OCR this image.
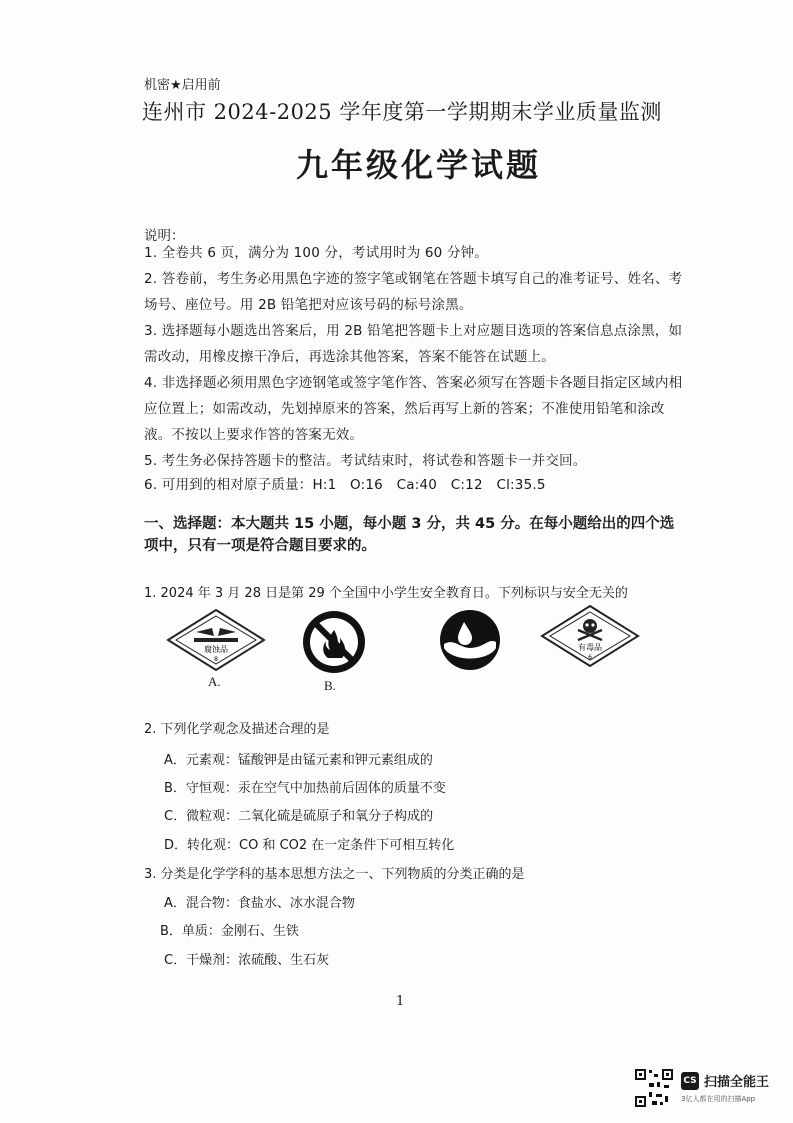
机密★启用前
连州市 2024-2025 学年度第一学期期末学业质量监测
九年级化学试题
说明：
1. 全卷共 6 页，满分为 100 分，考试用时为 60 分钟。
2. 答卷前，考生务必用黑色字迹的签字笔或钢笔在答题卡填写自己的准考证号、姓名、考场号、座位号。用 2B 铅笔把对应该号码的标号涂黑。
3. 选择题每小题选出答案后，用 2B 铅笔把答题卡上对应题目选项的答案信息点涂黑，如需改动，用橡皮擦干净后，再选涂其他答案，答案不能答在试题上。
4. 非选择题必须用黑色字迹钢笔或签字笔作答、答案必须写在答题卡各题目指定区域内相应位置上；如需改动，先划掉原来的答案，然后再写上新的答案；不准使用铅笔和涂改液。不按以上要求作答的答案无效。
5. 考生务必保持答题卡的整洁。考试结束时，将试卷和答题卡一并交回。
6. 可用到的相对原子质量：H:1　O:16　Ca:40　C:12　Cl:35.5
一、选择题：本大题共 15 小题，每小题 3 分，共 45 分。在每小题给出的四个选项中，只有一项是符合题目要求的。
1. 2024 年 3 月 28 日是第 29 个全国中小学生安全教育日。下列标识与安全无关的
腐蚀品
8
A.	B.
有毒品
6
2. 下列化学观念及描述合理的是
A．元素观：锰酸钾是由锰元素和钾元素组成的
B．守恒观：汞在空气中加热前后固体的质量不变
C．微粒观：二氧化硫是硫原子和氧分子构成的
D．转化观：CO 和 CO2 在一定条件下可相互转化
3. 分类是化学学科的基本思想方法之一、下列物质的分类正确的是
A．混合物：食盐水、冰水混合物
B．单质：金刚石、生铁
C．干燥剂：浓硫酸、生石灰
1
CS 扫描全能王
3亿人都在用的扫描App
